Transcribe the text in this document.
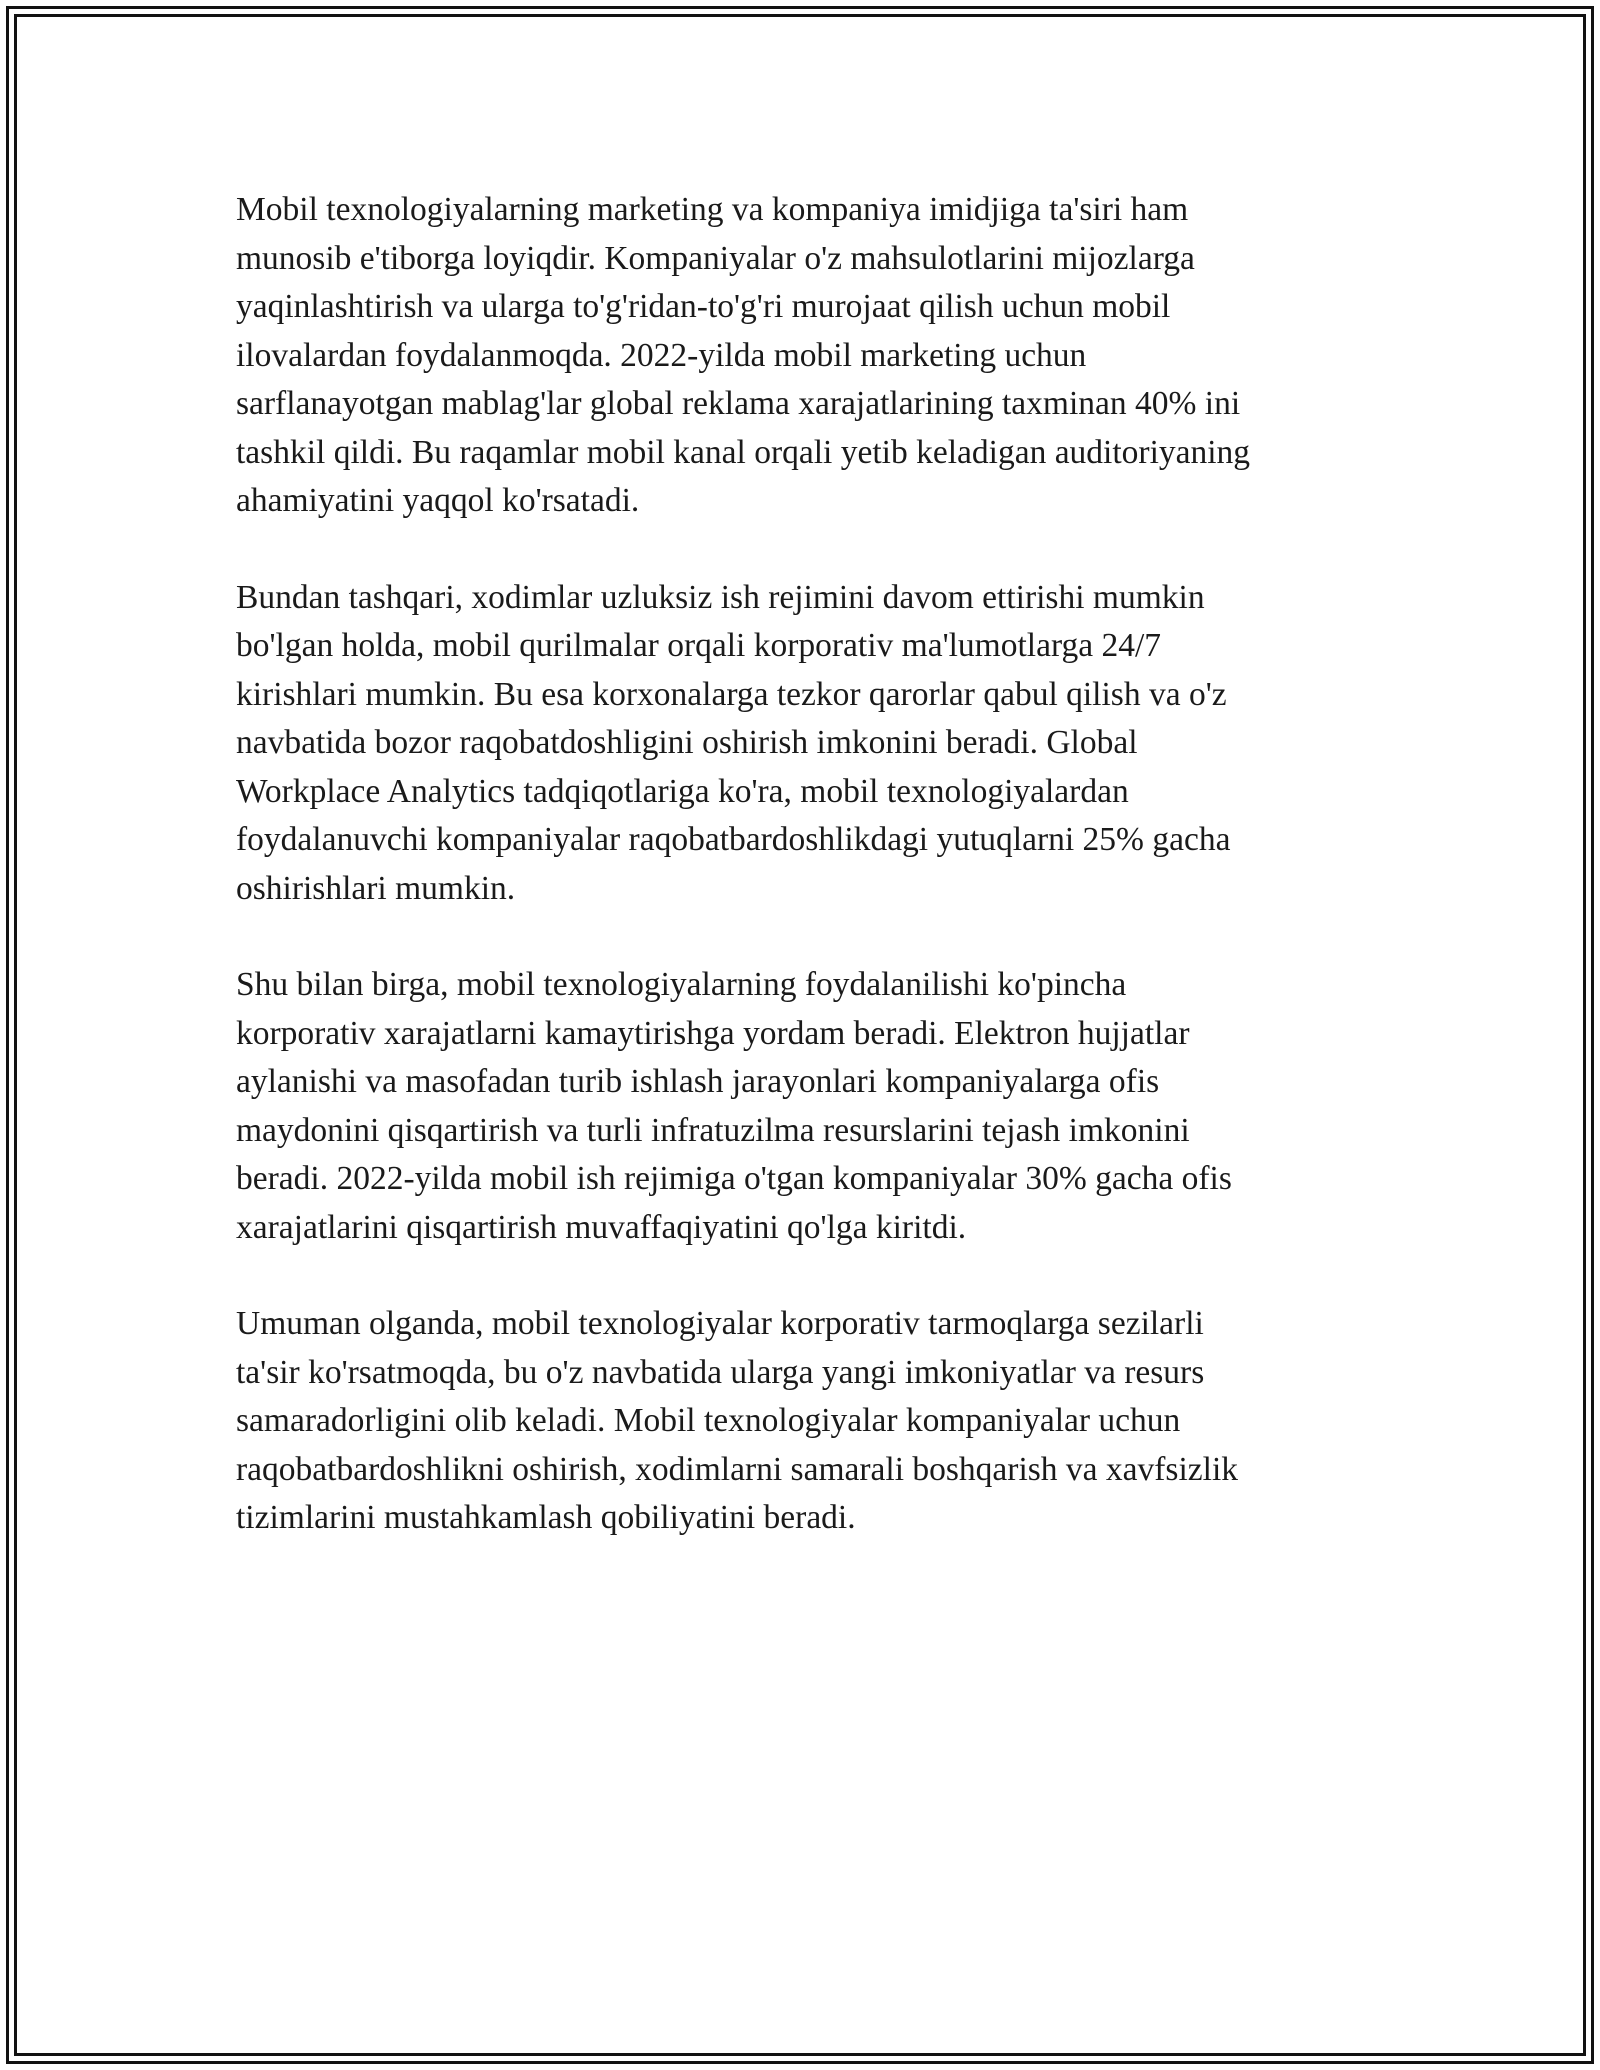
Mobil texnologiyalarning marketing va kompaniya imidjiga ta'siri ham
munosib e'tiborga loyiqdir. Kompaniyalar o'z mahsulotlarini mijozlarga
yaqinlashtirish va ularga to'g'ridan-to'g'ri murojaat qilish uchun mobil
ilovalardan foydalanmoqda. 2022-yilda mobil marketing uchun
sarflanayotgan mablag'lar global reklama xarajatlarining taxminan 40% ini
tashkil qildi. Bu raqamlar mobil kanal orqali yetib keladigan auditoriyaning
ahamiyatini yaqqol ko'rsatadi.

Bundan tashqari, xodimlar uzluksiz ish rejimini davom ettirishi mumkin
bo'lgan holda, mobil qurilmalar orqali korporativ ma'lumotlarga 24/7
kirishlari mumkin. Bu esa korxonalarga tezkor qarorlar qabul qilish va o'z
navbatida bozor raqobatdoshligini oshirish imkonini beradi. Global
Workplace Analytics tadqiqotlariga ko'ra, mobil texnologiyalardan
foydalanuvchi kompaniyalar raqobatbardoshlikdagi yutuqlarni 25% gacha
oshirishlari mumkin.

Shu bilan birga, mobil texnologiyalarning foydalanilishi ko'pincha
korporativ xarajatlarni kamaytirishga yordam beradi. Elektron hujjatlar
aylanishi va masofadan turib ishlash jarayonlari kompaniyalarga ofis
maydonini qisqartirish va turli infratuzilma resurslarini tejash imkonini
beradi. 2022-yilda mobil ish rejimiga o'tgan kompaniyalar 30% gacha ofis
xarajatlarini qisqartirish muvaffaqiyatini qo'lga kiritdi.

Umuman olganda, mobil texnologiyalar korporativ tarmoqlarga sezilarli
ta'sir ko'rsatmoqda, bu o'z navbatida ularga yangi imkoniyatlar va resurs
samaradorligini olib keladi. Mobil texnologiyalar kompaniyalar uchun
raqobatbardoshlikni oshirish, xodimlarni samarali boshqarish va xavfsizlik
tizimlarini mustahkamlash qobiliyatini beradi.
